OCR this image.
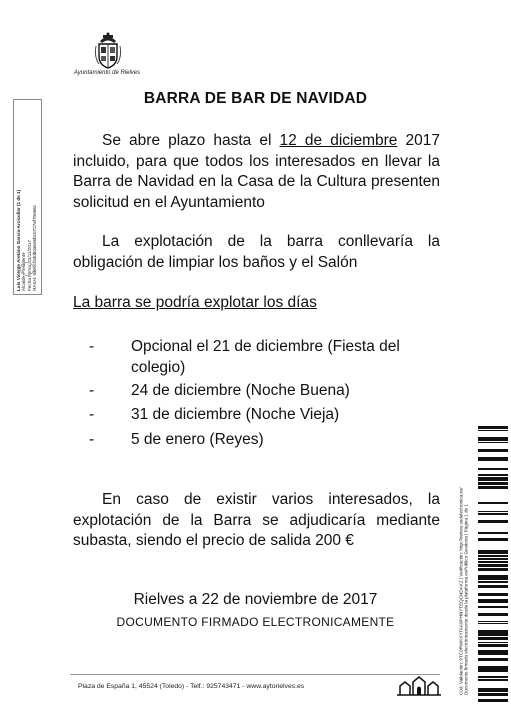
Ayuntamiento de Rielves
Luis Vicente Aretano García-Arcicollar (1 de 1) Alcalde-Presidente Fecha Firma: 22/11/2017 HASH: 9ae0cf3d0b0a5e6bc0727af70e66c
BARRA DE BAR DE NAVIDAD
Se abre plazo hasta el 12 de diciembre 2017 incluido, para que todos los interesados en llevar la Barra de Navidad en la Casa de la Cultura presenten solicitud en el Ayuntamiento
La explotación de la barra conllevaría la obligación de limpiar los baños y el Salón
La barra se podría explotar los días
- Opcional el 21 de diciembre (Fiesta del colegio)
- 24 de diciembre (Noche Buena)
- 31 de diciembre (Noche Vieja)
- 5 de enero (Reyes)
En caso de existir varios interesados, la explotación de la Barra se adjudicaría mediante subasta, siendo el precio de salida 200 €
Rielves a 22 de noviembre de 2017
DOCUMENTO FIRMADO ELECTRONICAMENTE
Plaza de España 1, 45524 (Toledo) - Telf.: 925743471 - www.aytorielves.es	Cód. Validación: 9TC9RWKXYTAA9PHNYTEQCNDAKZ | Verificación: http://rielves.sedelectronica.es/ Documento firmado electrónicamente desde la plataforma esPublico Gestiona | Página 1 de 1
